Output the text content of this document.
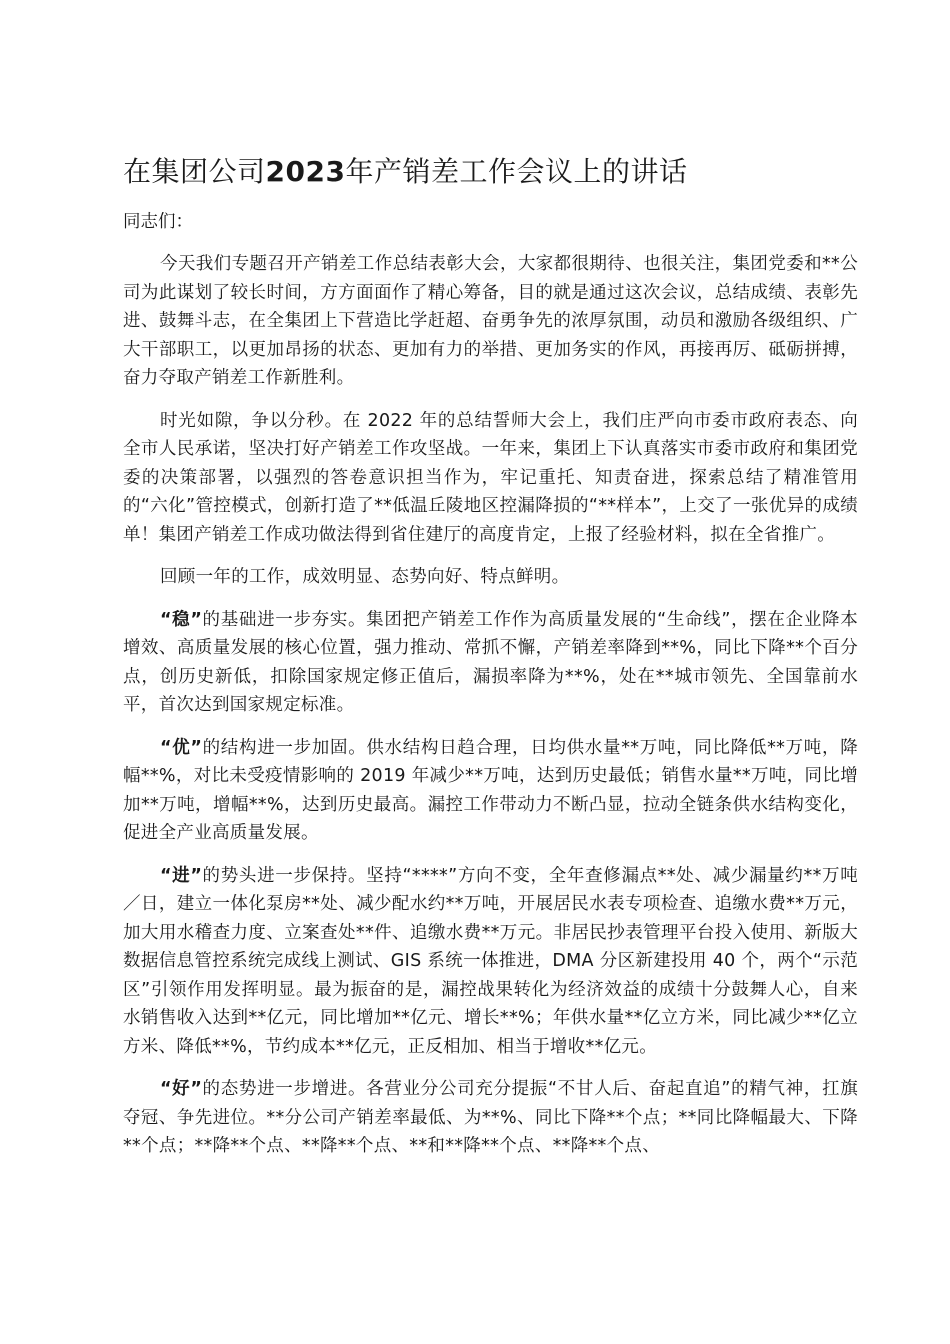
在集团公司2023年产销差工作会议上的讲话

同志们：

今天我们专题召开产销差工作总结表彰大会，大家都很期待、也很关注，集团党委和**公司为此谋划了较长时间，方方面面作了精心筹备，目的就是通过这次会议，总结成绩、表彰先进、鼓舞斗志，在全集团上下营造比学赶超、奋勇争先的浓厚氛围，动员和激励各级组织、广大干部职工，以更加昂扬的状态、更加有力的举措、更加务实的作风，再接再厉、砥砺拼搏，奋力夺取产销差工作新胜利。

时光如隙，争以分秒。在 2022 年的总结誓师大会上，我们庄严向市委市政府表态、向全市人民承诺，坚决打好产销差工作攻坚战。一年来，集团上下认真落实市委市政府和集团党委的决策部署，以强烈的答卷意识担当作为，牢记重托、知责奋进，探索总结了精准管用的“六化”管控模式，创新打造了**低温丘陵地区控漏降损的“**样本”，上交了一张优异的成绩单！集团产销差工作成功做法得到省住建厅的高度肯定，上报了经验材料，拟在全省推广。

回顾一年的工作，成效明显、态势向好、特点鲜明。

“稳”的基础进一步夯实。集团把产销差工作作为高质量发展的“生命线”，摆在企业降本增效、高质量发展的核心位置，强力推动、常抓不懈，产销差率降到**%，同比下降**个百分点，创历史新低，扣除国家规定修正值后，漏损率降为**%，处在**城市领先、全国靠前水平，首次达到国家规定标准。

“优”的结构进一步加固。供水结构日趋合理，日均供水量**万吨，同比降低**万吨，降幅**%，对比未受疫情影响的 2019 年减少**万吨，达到历史最低；销售水量**万吨，同比增加**万吨，增幅**%，达到历史最高。漏控工作带动力不断凸显，拉动全链条供水结构变化，促进全产业高质量发展。

“进”的势头进一步保持。坚持“****”方向不变，全年查修漏点**处、减少漏量约**万吨／日，建立一体化泵房**处、减少配水约**万吨，开展居民水表专项检查、追缴水费**万元，加大用水稽查力度、立案查处**件、追缴水费**万元。非居民抄表管理平台投入使用、新版大数据信息管控系统完成线上测试、GIS 系统一体推进，DMA 分区新建投用 40 个，两个“示范区”引领作用发挥明显。最为振奋的是，漏控战果转化为经济效益的成绩十分鼓舞人心，自来水销售收入达到**亿元，同比增加**亿元、增长**%；年供水量**亿立方米，同比减少**亿立方米、降低**%，节约成本**亿元，正反相加、相当于增收**亿元。

“好”的态势进一步增进。各营业分公司充分提振“不甘人后、奋起直追”的精气神，扛旗夺冠、争先进位。**分公司产销差率最低、为**%、同比下降**个点；**同比降幅最大、下降**个点；**降**个点、**降**个点、**和**降**个点、**降**个点、
